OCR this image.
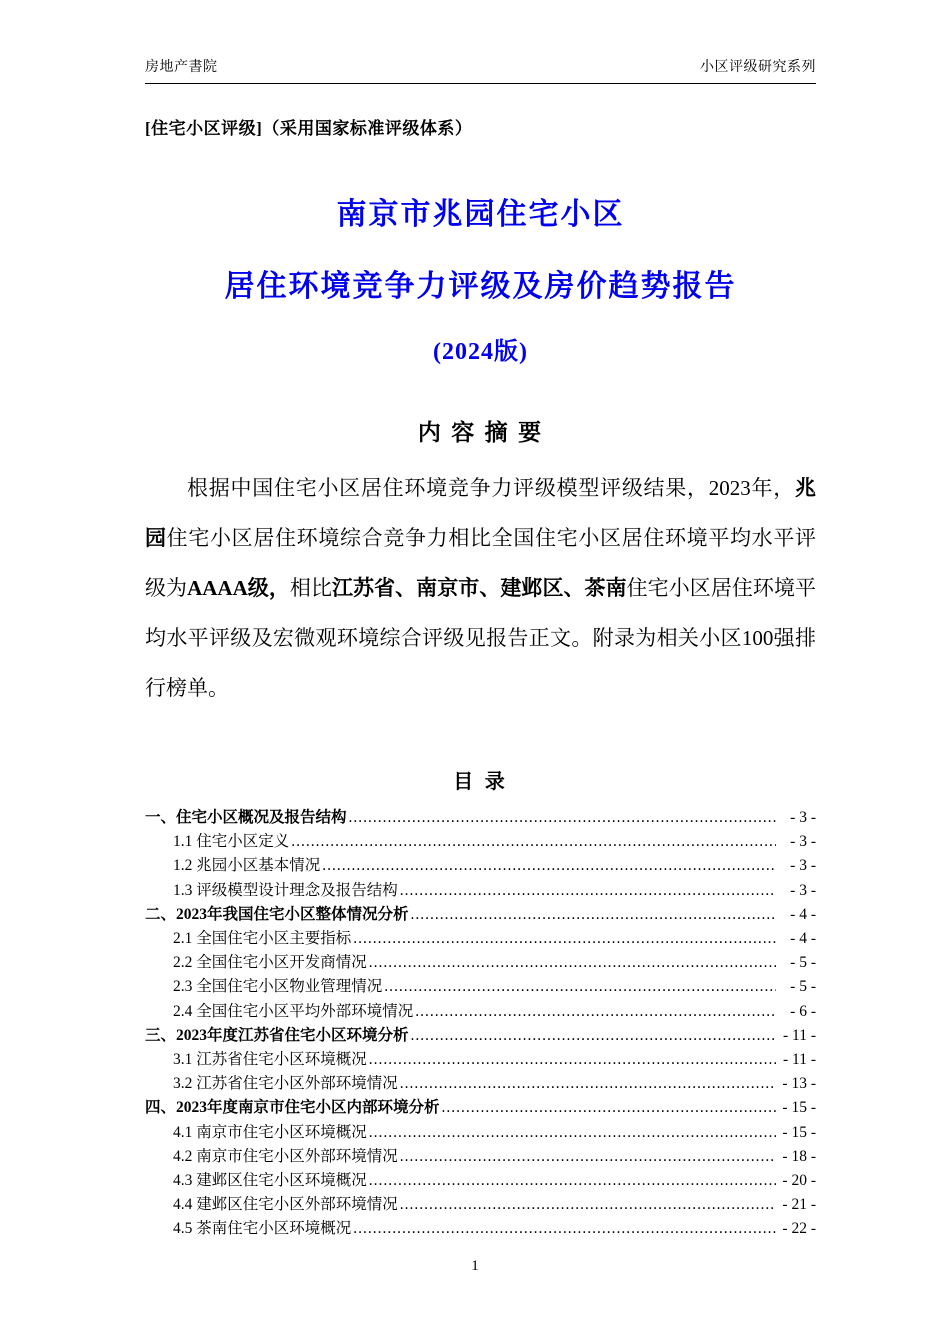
房地产書院	小区评级研究系列
[住宅小区评级]（采用国家标准评级体系）
南京市兆园住宅小区
居住环境竞争力评级及房价趋势报告
(2024版)
内 容 摘 要
根据中国住宅小区居住环境竞争力评级模型评级结果，2023年，兆园住宅小区居住环境综合竞争力相比全国住宅小区居住环境平均水平评级为AAAA级，相比江苏省、南京市、建邺区、茶南住宅小区居住环境平均水平评级及宏微观环境综合评级见报告正文。附录为相关小区100强排行榜单。
目 录
一、住宅小区概况及报告结构 .....	- 3 -
1.1 住宅小区定义 .....	- 3 -
1.2 兆园小区基本情况 .....	- 3 -
1.3 评级模型设计理念及报告结构 .....	- 3 -
二、2023年我国住宅小区整体情况分析 .....	- 4 -
2.1 全国住宅小区主要指标 .....	- 4 -
2.2 全国住宅小区开发商情况 .....	- 5 -
2.3 全国住宅小区物业管理情况 .....	- 5 -
2.4 全国住宅小区平均外部环境情况 .....	- 6 -
三、2023年度江苏省住宅小区环境分析 .....	- 11 -
3.1 江苏省住宅小区环境概况 .....	- 11 -
3.2 江苏省住宅小区外部环境情况 .....	- 13 -
四、2023年度南京市住宅小区内部环境分析 .....	- 15 -
4.1 南京市住宅小区环境概况 .....	- 15 -
4.2 南京市住宅小区外部环境情况 .....	- 18 -
4.3 建邺区住宅小区环境概况 .....	- 20 -
4.4 建邺区住宅小区外部环境情况 .....	- 21 -
4.5 茶南住宅小区环境概况 .....	- 22 -
1
